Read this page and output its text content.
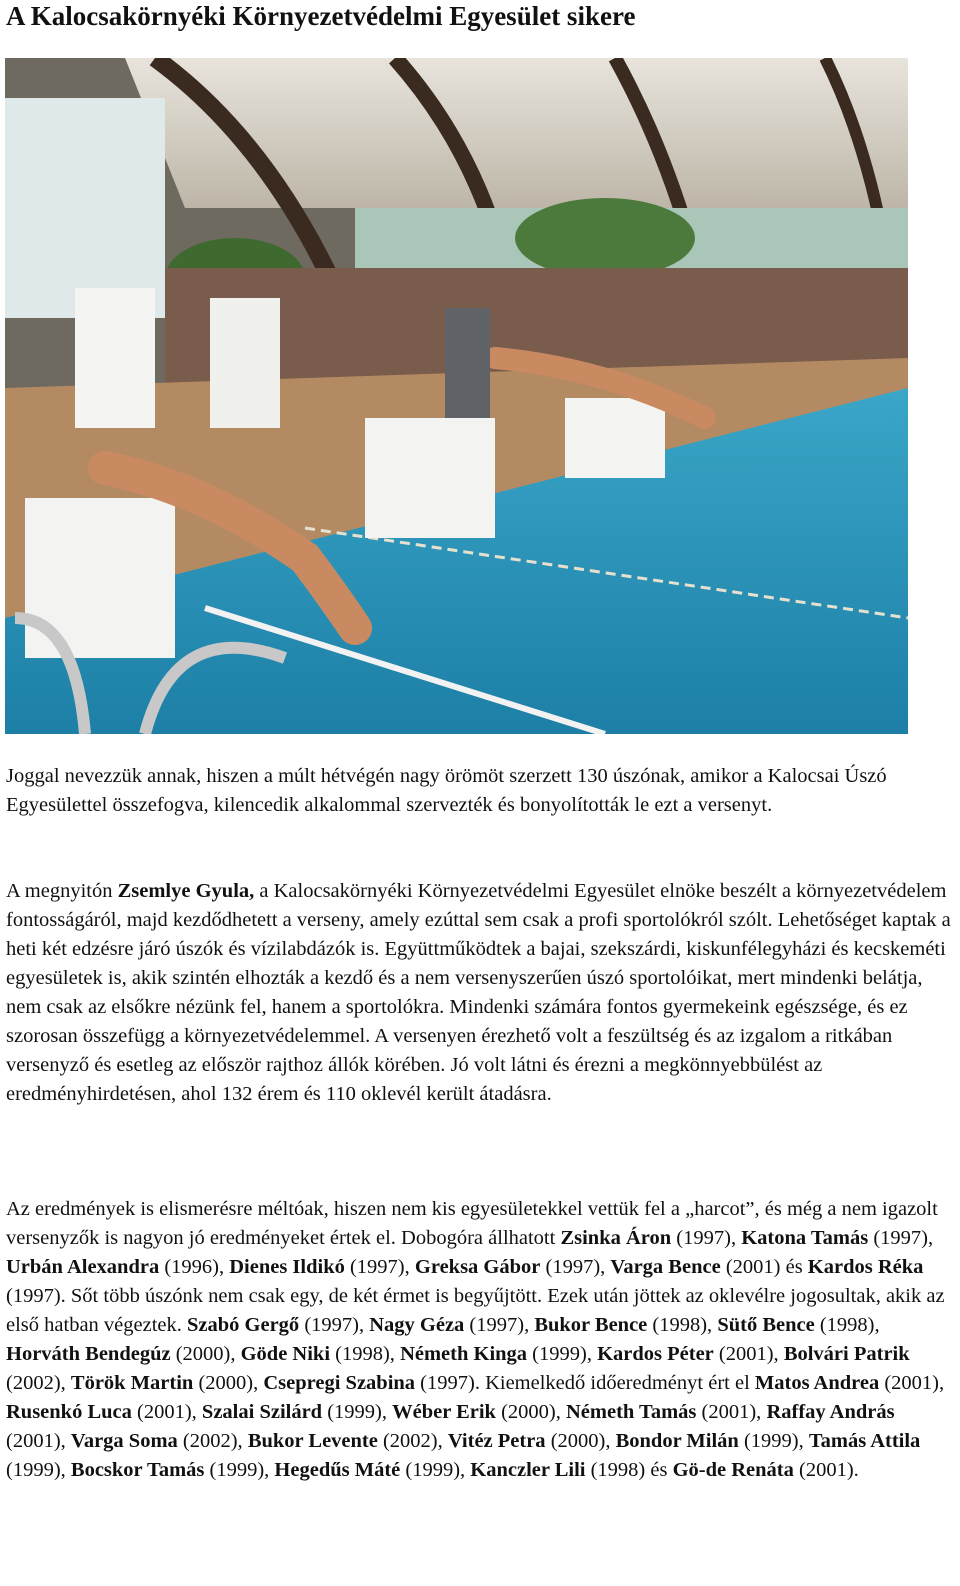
A Kalocsakörnyéki Környezetvédelmi Egyesület sikere

Joggal nevezzük annak, hiszen a múlt hétvégén nagy örömöt szerzett 130 úszónak, amikor a Kalocsai Úszó Egyesülettel összefogva, kilencedik alkalommal szervezték és bonyolították le ezt a versenyt.

A megnyitón Zsemlye Gyula, a Kalocsakörnyéki Környezetvédelmi Egyesület elnöke beszélt a környezetvédelem fontosságáról, majd kezdődhetett a verseny, amely ezúttal sem csak a profi sportolókról szólt. Lehetőséget kaptak a heti két edzésre járó úszók és vízilabdázók is. Együttműködtek a bajai, szekszárdi, kiskunfélegyházi és kecskeméti egyesületek is, akik szintén elhozták a kezdő és a nem versenyszerűen úszó sportolóikat, mert mindenki belátja, nem csak az elsőkre nézünk fel, hanem a sportolókra. Mindenki számára fontos gyermekeink egészsége, és ez szorosan összefügg a környezetvédelemmel. A versenyen érezhető volt a feszültség és az izgalom a ritkában versenyző és esetleg az először rajthoz állók körében. Jó volt látni és érezni a megkönnyebbülést az eredményhirdetésen, ahol 132 érem és 110 oklevél került átadásra.

Az eredmények is elismerésre méltóak, hiszen nem kis egyesületekkel vettük fel a „harcot”, és még a nem igazolt versenyzők is nagyon jó eredményeket értek el. Dobogóra állhatott Zsinka Áron (1997), Katona Tamás (1997), Urbán Alexandra (1996), Dienes Ildikó (1997), Greksa Gábor (1997), Varga Bence (2001) és Kardos Réka (1997). Sőt több úszónk nem csak egy, de két érmet is begyűjtött. Ezek után jöttek az oklevélre jogosultak, akik az első hatban végeztek. Szabó Gergő (1997), Nagy Géza (1997), Bukor Bence (1998), Sütő Bence (1998), Horváth Bendegúz (2000), Göde Niki (1998), Németh Kinga (1999), Kardos Péter (2001), Bolvári Patrik (2002), Török Martin (2000), Csepregi Szabina (1997). Kiemelkedő időeredményt ért el Matos Andrea (2001), Rusenkó Luca (2001), Szalai Szilárd (1999), Wéber Erik (2000), Németh Tamás (2001), Raffay András (2001), Varga Soma (2002), Bukor Levente (2002), Vitéz Petra (2000), Bondor Milán (1999), Tamás Attila (1999), Bocskor Tamás (1999), Hegedűs Máté (1999), Kanczler Lili (1998) és Gö-de Renáta (2001).
